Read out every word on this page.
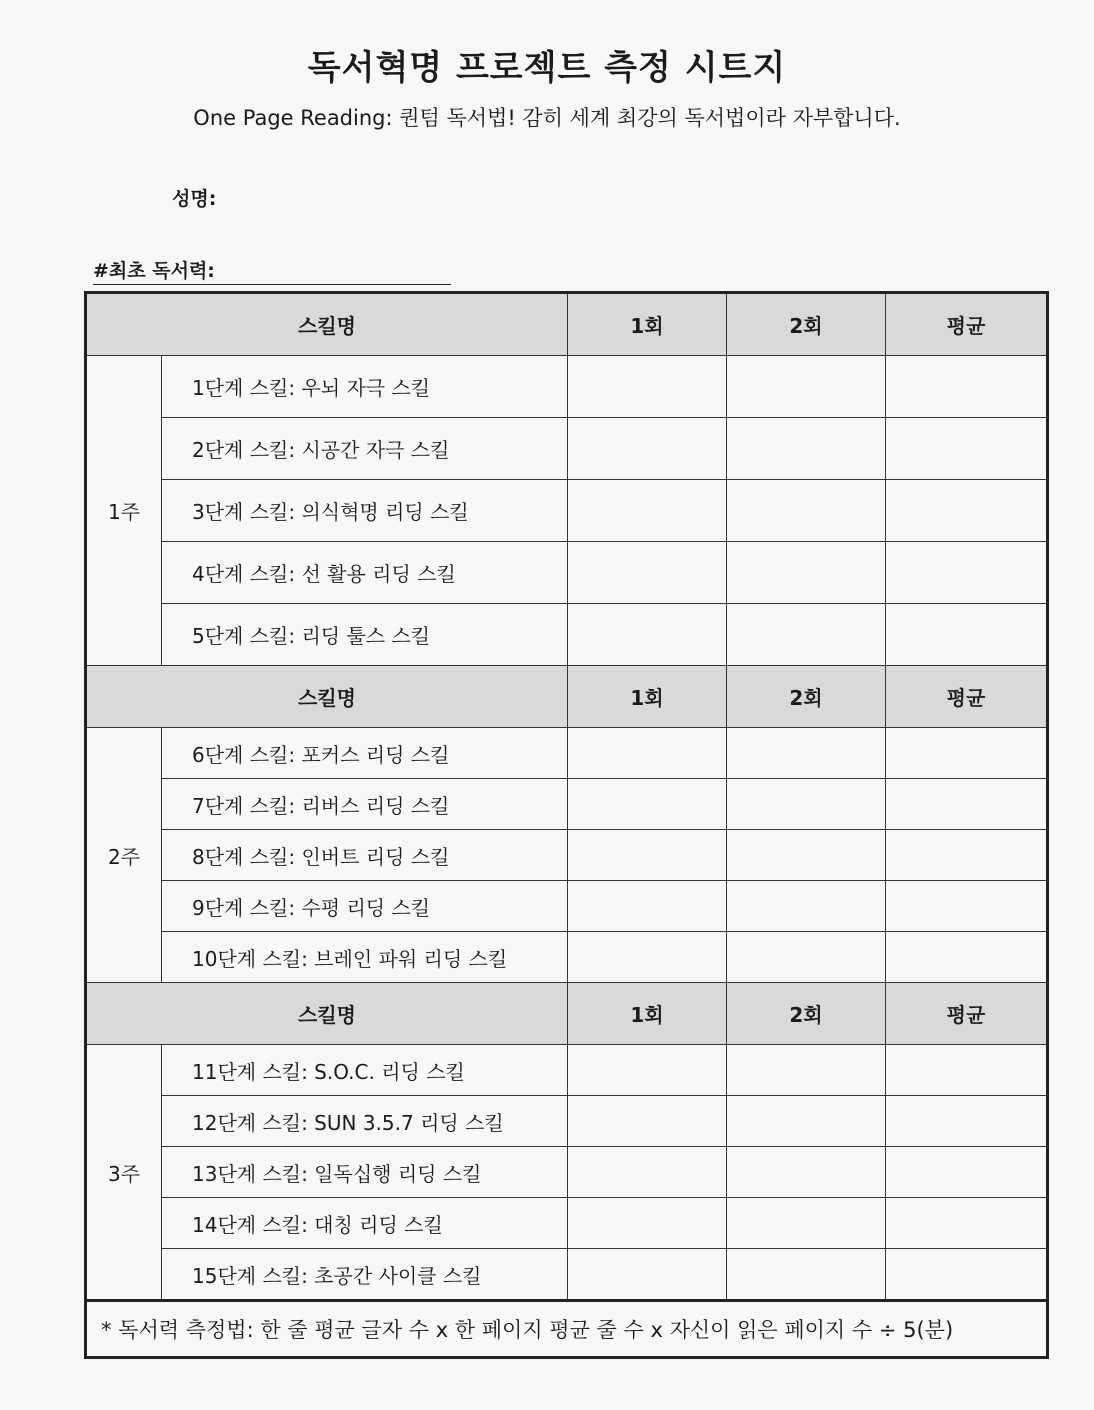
독서혁명 프로젝트 측정 시트지
One Page Reading: 퀀텀 독서법! 감히 세계 최강의 독서법이라 자부합니다.
성명:
#최초 독서력:
스킬명		1회	2회	평균
1주	1단계 스킬: 우뇌 자극 스킬			
	2단계 스킬: 시공간 자극 스킬			
	3단계 스킬: 의식혁명 리딩 스킬			
	4단계 스킬: 선 활용 리딩 스킬			
	5단계 스킬: 리딩 툴스 스킬			
스킬명		1회	2회	평균
2주	6단계 스킬: 포커스 리딩 스킬			
	7단계 스킬: 리버스 리딩 스킬			
	8단계 스킬: 인버트 리딩 스킬			
	9단계 스킬: 수평 리딩 스킬			
	10단계 스킬: 브레인 파워 리딩 스킬			
스킬명		1회	2회	평균
3주	11단계 스킬: S.O.C. 리딩 스킬			
	12단계 스킬: SUN 3.5.7 리딩 스킬			
	13단계 스킬: 일독십행 리딩 스킬			
	14단계 스킬: 대칭 리딩 스킬			
	15단계 스킬: 초공간 사이클 스킬			
* 독서력 측정법: 한 줄 평균 글자 수 x 한 페이지 평균 줄 수 x 자신이 읽은 페이지 수 ÷ 5(분)				
